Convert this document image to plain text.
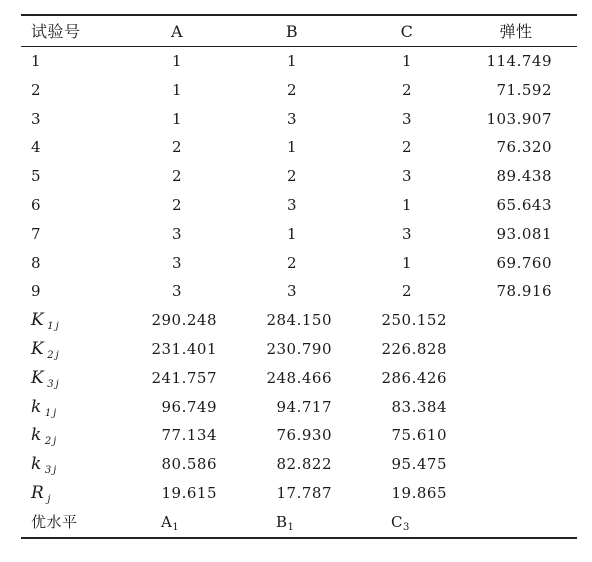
试验号	A	B	C	弹性
1	1	1	1	114.749
2	1	2	2	71.592
3	1	3	3	103.907
4	2	1	2	76.320
5	2	2	3	89.438
6	2	3	1	65.643
7	3	1	3	93.081
8	3	2	1	69.760
9	3	3	2	78.916
K $_{1j}$	290.248	284.150	250.152
K $_{2j}$	231.401	230.790	226.828
K $_{3j}$	241.757	248.466	286.426
k $_{1j}$	96.749	94.717	83.384
k $_{2j}$	77.134	76.930	75.610
k $_{3j}$	80.586	82.822	95.475
R $_j$	19.615	17.787	19.865
优水平	$A_1$	$B_1$	$C_3$
